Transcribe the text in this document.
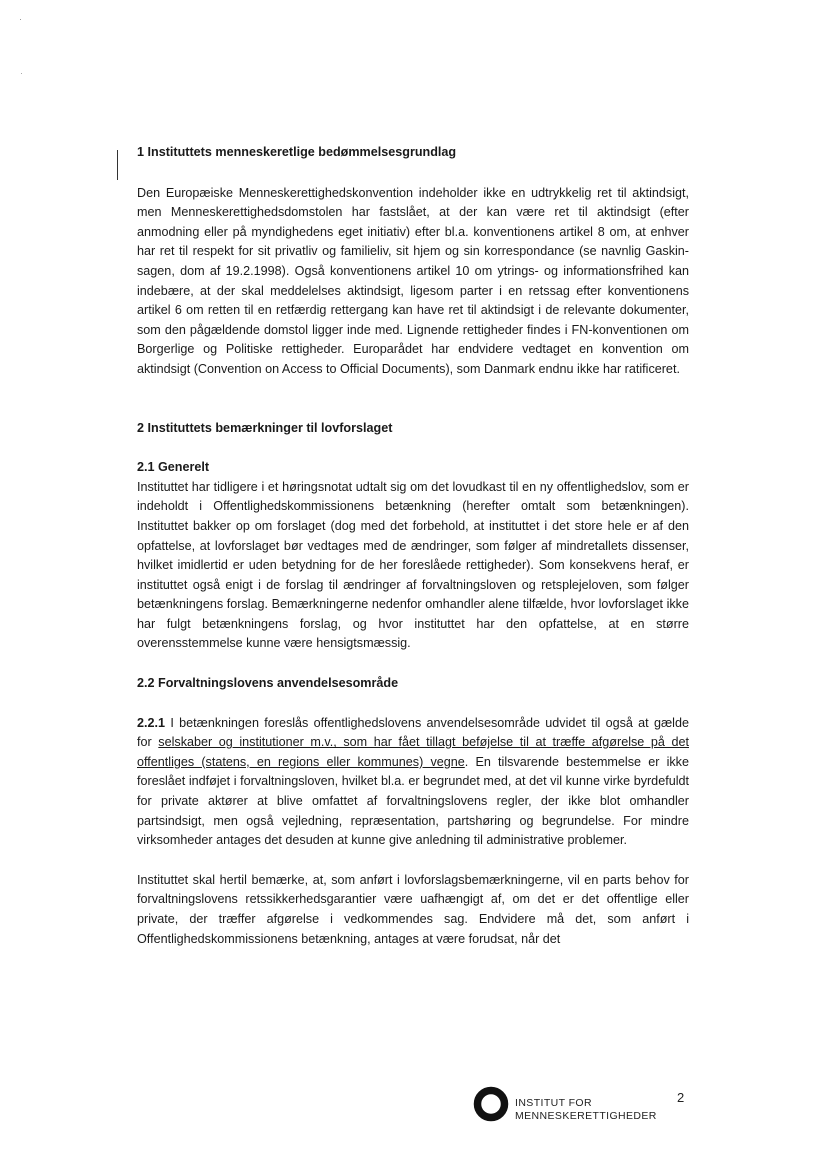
1 Instituttets menneskeretlige bedømmelsesgrundlag

Den Europæiske Menneskerettighedskonvention indeholder ikke en udtrykkelig ret til aktindsigt, men Menneskerettighedsdomstolen har fastslået, at der kan være ret til aktindsigt (efter anmodning eller på myndighedens eget initiativ) efter bl.a. konventionens artikel 8 om, at enhver har ret til respekt for sit privatliv og familieliv, sit hjem og sin korrespondance (se navnlig Gaskin-sagen, dom af 19.2.1998). Også konventionens artikel 10 om ytrings- og informationsfrihed kan indebære, at der skal meddelelses aktindsigt, ligesom parter i en retssag efter konventionens artikel 6 om retten til en retfærdig rettergang kan have ret til aktindsigt i de relevante dokumenter, som den pågældende domstol ligger inde med. Lignende rettigheder findes i FN-konventionen om Borgerlige og Politiske rettigheder. Europarådet har endvidere vedtaget en konvention om aktindsigt (Convention on Access to Official Documents), som Danmark endnu ikke har ratificeret.

2 Instituttets bemærkninger til lovforslaget
2.1 Generelt

Instituttet har tidligere i et høringsnotat udtalt sig om det lovudkast til en ny offentlighedslov, som er indeholdt i Offentlighedskommissionens betænkning (herefter omtalt som betænkningen). Instituttet bakker op om forslaget (dog med det forbehold, at instituttet i det store hele er af den opfattelse, at lovforslaget bør vedtages med de ændringer, som følger af mindretallets dissenser, hvilket imidlertid er uden betydning for de her foreslåede rettigheder). Som konsekvens heraf, er instituttet også enigt i de forslag til ændringer af forvaltningsloven og retsplejeloven, som følger betænkningens forslag. Bemærkningerne nedenfor omhandler alene tilfælde, hvor lovforslaget ikke har fulgt betænkningens forslag, og hvor instituttet har den opfattelse, at en større overensstemmelse kunne være hensigtsmæssig.

2.2 Forvaltningslovens anvendelsesområde

2.2.1 I betænkningen foreslås offentlighedslovens anvendelsesområde udvidet til også at gælde for selskaber og institutioner m.v., som har fået tillagt beføjelse til at træffe afgørelse på det offentliges (statens, en regions eller kommunes) vegne. En tilsvarende bestemmelse er ikke foreslået indføjet i forvaltningsloven, hvilket bl.a. er begrundet med, at det vil kunne virke byrdefuldt for private aktører at blive omfattet af forvaltningslovens regler, der ikke blot omhandler partsindsigt, men også vejledning, repræsentation, partshøring og begrundelse. For mindre virksomheder antages det desuden at kunne give anledning til administrative problemer.

Instituttet skal hertil bemærke, at, som anført i lovforslagsbemærkningerne, vil en parts behov for forvaltningslovens retssikkerhedsgarantier være uafhængigt af, om det er det offentlige eller private, der træffer afgørelse i vedkommendes sag. Endvidere må det, som anført i Offentlighedskommissionens betænkning, antages at være forudsat, når det

INSTITUT FOR
MENNESKERETTIGHEDER
2
